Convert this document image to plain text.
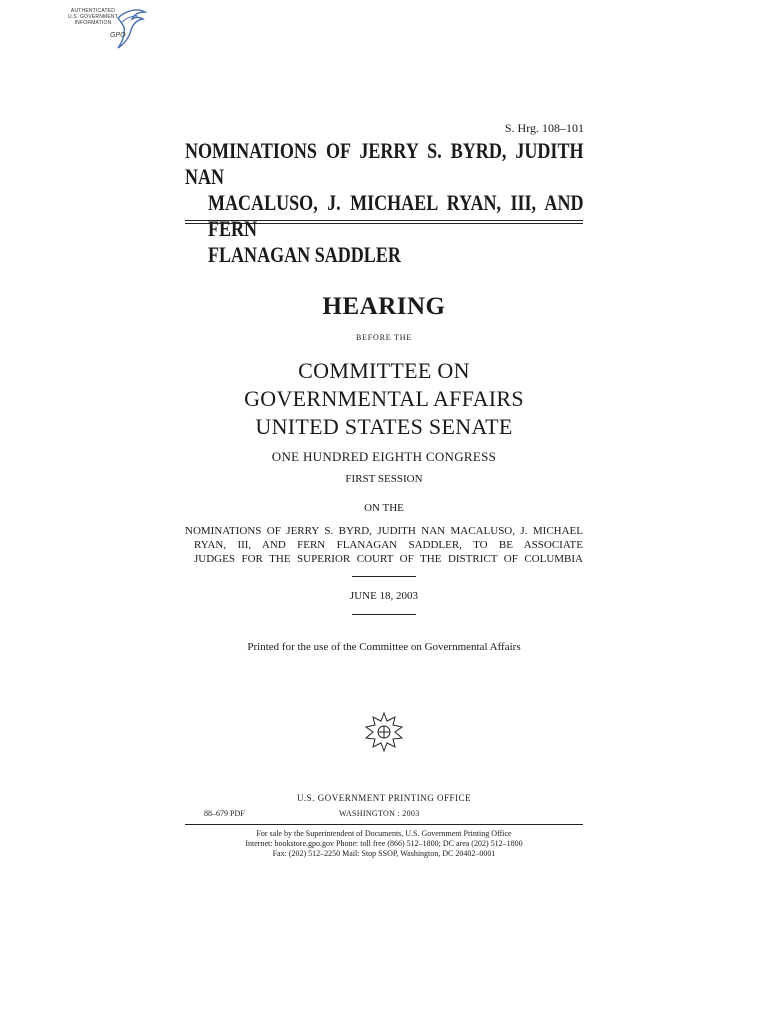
AUTHENTICATED
U.S. GOVERNMENT
INFORMATION
GPO
S. Hrg. 108–101
NOMINATIONS OF JERRY S. BYRD, JUDITH NAN
MACALUSO, J. MICHAEL RYAN, III, AND FERN
FLANAGAN SADDLER
HEARING
BEFORE THE
COMMITTEE ON
GOVERNMENTAL AFFAIRS
UNITED STATES SENATE
ONE HUNDRED EIGHTH CONGRESS
FIRST SESSION
ON THE
NOMINATIONS OF JERRY S. BYRD, JUDITH NAN MACALUSO, J. MICHAEL
RYAN, III, AND FERN FLANAGAN SADDLER, TO BE ASSOCIATE
JUDGES FOR THE SUPERIOR COURT OF THE DISTRICT OF COLUMBIA
JUNE 18, 2003
Printed for the use of the Committee on Governmental Affairs
U.S. GOVERNMENT PRINTING OFFICE
88–679 PDF	WASHINGTON : 2003
For sale by the Superintendent of Documents, U.S. Government Printing Office
Internet: bookstore.gpo.gov Phone: toll free (866) 512–1800; DC area (202) 512–1800
Fax: (202) 512–2250 Mail: Stop SSOP, Washington, DC 20402–0001
